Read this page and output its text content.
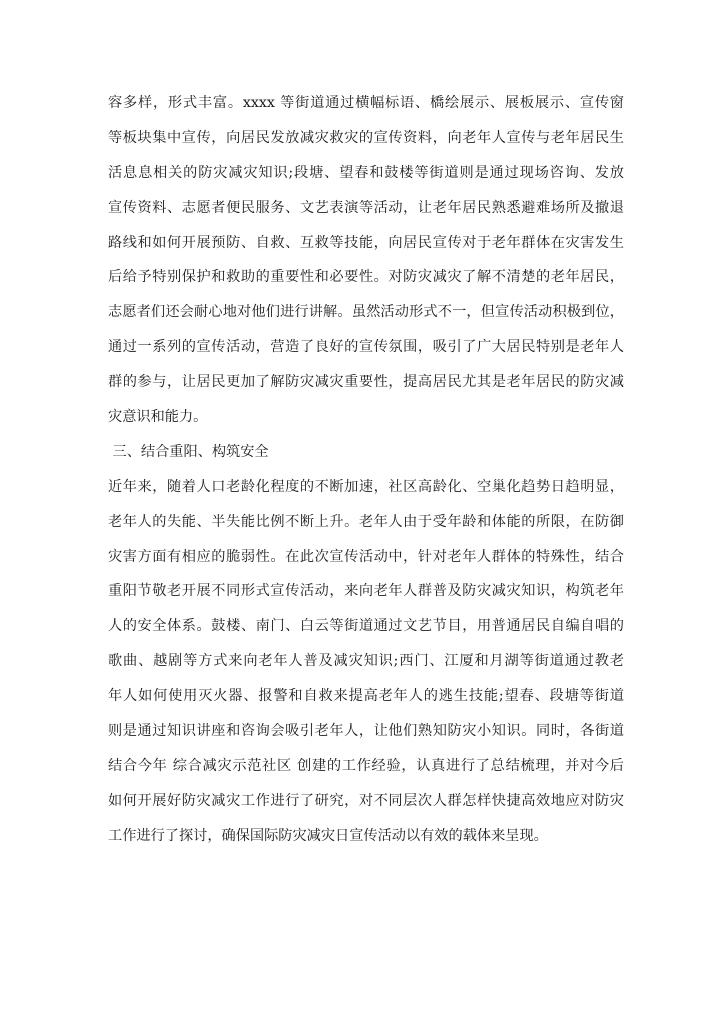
容多样，形式丰富。xxxx 等街道通过横幅标语、橋绘展示、展板展示、宣传窗
等板块集中宣传，向居民发放减灾救灾的宣传资料，向老年人宣传与老年居民生
活息息相关的防灾减灾知识;段塘、望春和鼓楼等街道则是通过现场咨询、发放
宣传资料、志愿者便民服务、文艺表演等活动，让老年居民熟悉避难场所及撤退
路线和如何开展预防、自救、互救等技能，向居民宣传对于老年群体在灾害发生
后给予特别保护和救助的重要性和必要性。对防灾减灾了解不清楚的老年居民，
志愿者们还会耐心地对他们进行讲解。虽然活动形式不一，但宣传活动积极到位，
通过一系列的宣传活动，营造了良好的宣传氛围，吸引了广大居民特别是老年人
群的参与，让居民更加了解防灾减灾重要性，提高居民尤其是老年居民的防灾减
灾意识和能力。
三、结合重阳、构筑安全
近年来，随着人口老龄化程度的不断加速，社区高龄化、空巢化趋势日趋明显，
老年人的失能、半失能比例不断上升。老年人由于受年龄和体能的所限，在防御
灾害方面有相应的脆弱性。在此次宣传活动中，针对老年人群体的特殊性，结合
重阳节敬老开展不同形式宣传活动，来向老年人群普及防灾减灾知识，构筑老年
人的安全体系。鼓楼、南门、白云等街道通过文艺节目，用普通居民自编自唱的
歌曲、越剧等方式来向老年人普及减灾知识;西门、江厦和月湖等街道通过教老
年人如何使用灭火器、报警和自救来提高老年人的逃生技能;望春、段塘等街道
则是通过知识讲座和咨询会吸引老年人，让他们熟知防灾小知识。同时，各街道
结合今年 综合减灾示范社区 创建的工作经验，认真进行了总结梳理，并对今后
如何开展好防灾减灾工作进行了研究，对不同层次人群怎样快捷高效地应对防灾
工作进行了探讨，确保国际防灾减灾日宣传活动以有效的载体来呈现。
